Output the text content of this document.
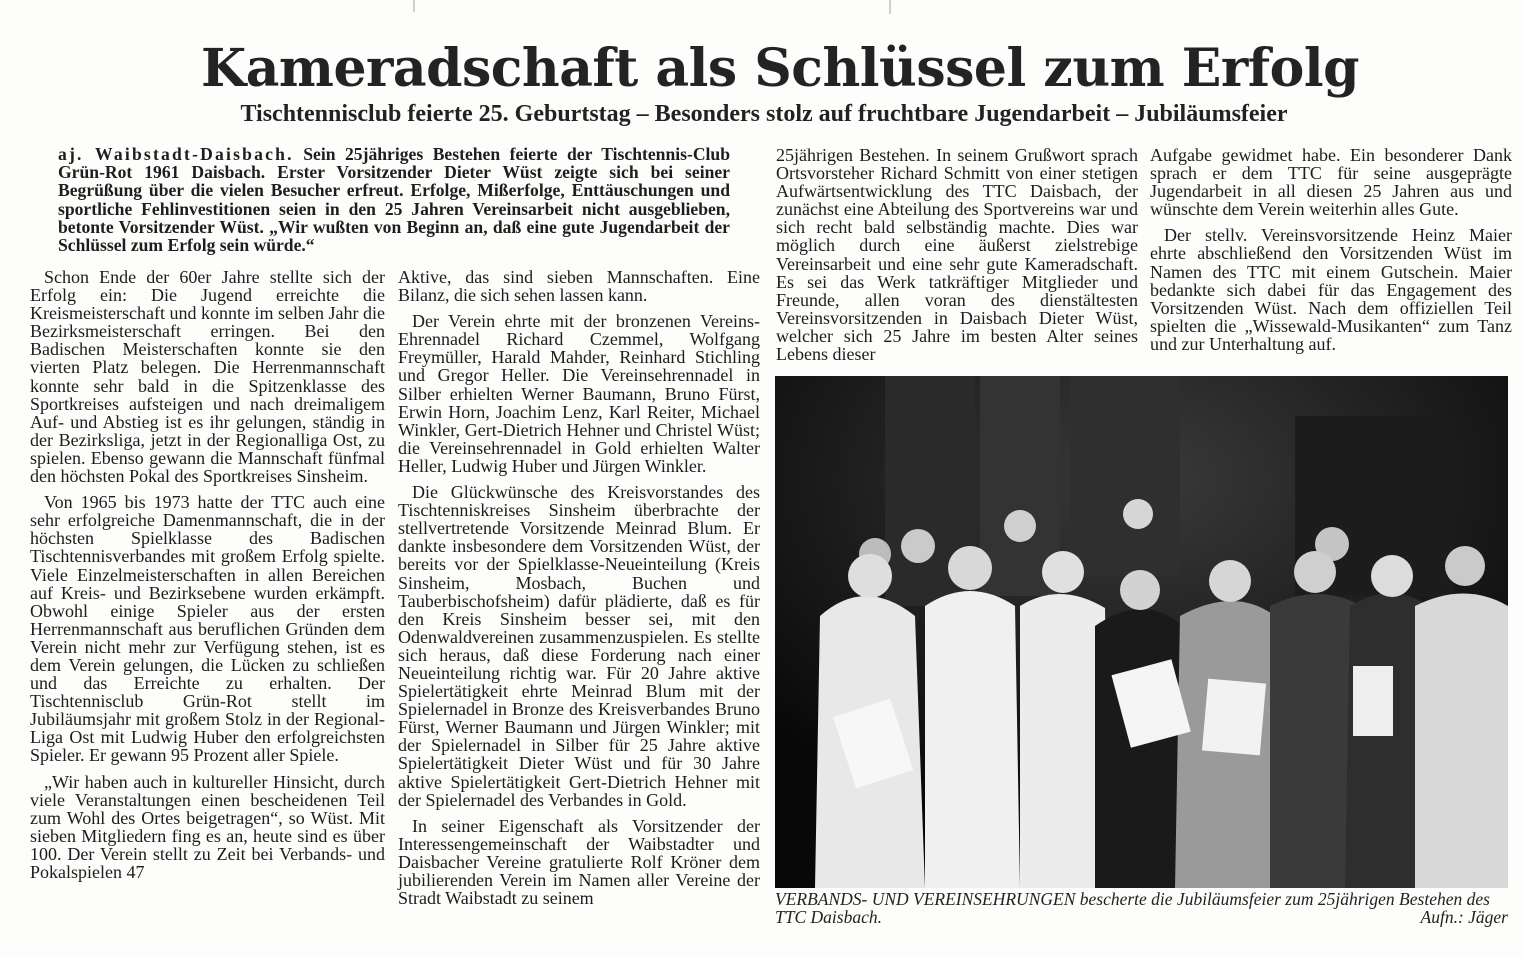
Kameradschaft als Schlüssel zum Erfolg
Tischtennisclub feierte 25. Geburtstag – Besonders stolz auf fruchtbare Jugendarbeit – Jubiläumsfeier
aj. Waibstadt-Daisbach. Sein 25jähriges Bestehen feierte der Tischtennis-Club Grün-Rot 1961 Daisbach. Erster Vorsitzender Dieter Wüst zeigte sich bei seiner Begrüßung über die vielen Besucher erfreut. Erfolge, Mißerfolge, Enttäuschungen und sportliche Fehlinvestitionen seien in den 25 Jahren Vereinsarbeit nicht ausgeblieben, betonte Vorsitzender Wüst. „Wir wußten von Beginn an, daß eine gute Jugendarbeit der Schlüssel zum Erfolg sein würde.“

Schon Ende der 60er Jahre stellte sich der Erfolg ein: Die Jugend erreichte die Kreismeisterschaft und konnte im selben Jahr die Bezirksmeisterschaft erringen. Bei den Badischen Meisterschaften konnte sie den vierten Platz belegen. Die Herrenmannschaft konnte sehr bald in die Spitzenklasse des Sportkreises aufsteigen und nach dreimaligem Auf- und Abstieg ist es ihr gelungen, ständig in der Bezirksliga, jetzt in der Regionalliga Ost, zu spielen. Ebenso gewann die Mannschaft fünfmal den höchsten Pokal des Sportkreises Sinsheim.

Von 1965 bis 1973 hatte der TTC auch eine sehr erfolgreiche Damenmannschaft, die in der höchsten Spielklasse des Badischen Tischtennisverbandes mit großem Erfolg spielte. Viele Einzelmeisterschaften in allen Bereichen auf Kreis- und Bezirksebene wurden erkämpft. Obwohl einige Spieler aus der ersten Herrenmannschaft aus beruflichen Gründen dem Verein nicht mehr zur Verfügung stehen, ist es dem Verein gelungen, die Lücken zu schließen und das Erreichte zu erhalten. Der Tischtennisclub Grün-Rot stellt im Jubiläumsjahr mit großem Stolz in der Regional-Liga Ost mit Ludwig Huber den erfolgreichsten Spieler. Er gewann 95 Prozent aller Spiele.

„Wir haben auch in kultureller Hinsicht, durch viele Veranstaltungen einen bescheidenen Teil zum Wohl des Ortes beigetragen“, so Wüst. Mit sieben Mitgliedern fing es an, heute sind es über 100. Der Verein stellt zu Zeit bei Verbands- und Pokalspielen 47

Aktive, das sind sieben Mannschaften. Eine Bilanz, die sich sehen lassen kann.

Der Verein ehrte mit der bronzenen Vereins-Ehrennadel Richard Czemmel, Wolfgang Freymüller, Harald Mahder, Reinhard Stichling und Gregor Heller. Die Vereinsehrennadel in Silber erhielten Werner Baumann, Bruno Fürst, Erwin Horn, Joachim Lenz, Karl Reiter, Michael Winkler, Gert-Dietrich Hehner und Christel Wüst; die Vereinsehrennadel in Gold erhielten Walter Heller, Ludwig Huber und Jürgen Winkler.

Die Glückwünsche des Kreisvorstandes des Tischtenniskreises Sinsheim überbrachte der stellvertretende Vorsitzende Meinrad Blum. Er dankte insbesondere dem Vorsitzenden Wüst, der bereits vor der Spielklasse-Neueinteilung (Kreis Sinsheim, Mosbach, Buchen und Tauberbischofsheim) dafür plädierte, daß es für den Kreis Sinsheim besser sei, mit den Odenwaldvereinen zusammenzuspielen. Es stellte sich heraus, daß diese Forderung nach einer Neueinteilung richtig war. Für 20 Jahre aktive Spielertätigkeit ehrte Meinrad Blum mit der Spielernadel in Bronze des Kreisverbandes Bruno Fürst, Werner Baumann und Jürgen Winkler; mit der Spielernadel in Silber für 25 Jahre aktive Spielertätigkeit Dieter Wüst und für 30 Jahre aktive Spielertätigkeit Gert-Dietrich Hehner mit der Spielernadel des Verbandes in Gold.

In seiner Eigenschaft als Vorsitzender der Interessengemeinschaft der Waibstadter und Daisbacher Vereine gratulierte Rolf Kröner dem jubilierenden Verein im Namen aller Vereine der Stradt Waibstadt zu seinem

25jährigen Bestehen. In seinem Grußwort sprach Ortsvorsteher Richard Schmitt von einer stetigen Aufwärtsentwicklung des TTC Daisbach, der zunächst eine Abteilung des Sportvereins war und sich recht bald selbständig machte. Dies war möglich durch eine äußerst zielstrebige Vereinsarbeit und eine sehr gute Kameradschaft. Es sei das Werk tatkräftiger Mitglieder und Freunde, allen voran des dienstältesten Vereinsvorsitzenden in Daisbach Dieter Wüst, welcher sich 25 Jahre im besten Alter seines Lebens dieser

Aufgabe gewidmet habe. Ein besonderer Dank sprach er dem TTC für seine ausgeprägte Jugendarbeit in all diesen 25 Jahren aus und wünschte dem Verein weiterhin alles Gute.

Der stellv. Vereinsvorsitzende Heinz Maier ehrte abschließend den Vorsitzenden Wüst im Namen des TTC mit einem Gutschein. Maier bedankte sich dabei für das Engagement des Vorsitzenden Wüst. Nach dem offiziellen Teil spielten die „Wissewald-Musikanten“ zum Tanz und zur Unterhaltung auf.

VERBANDS- UND VEREINSEHRUNGEN bescherte die Jubiläumsfeier zum 25jährigen Bestehen des TTC Daisbach.	Aufn.: Jäger
